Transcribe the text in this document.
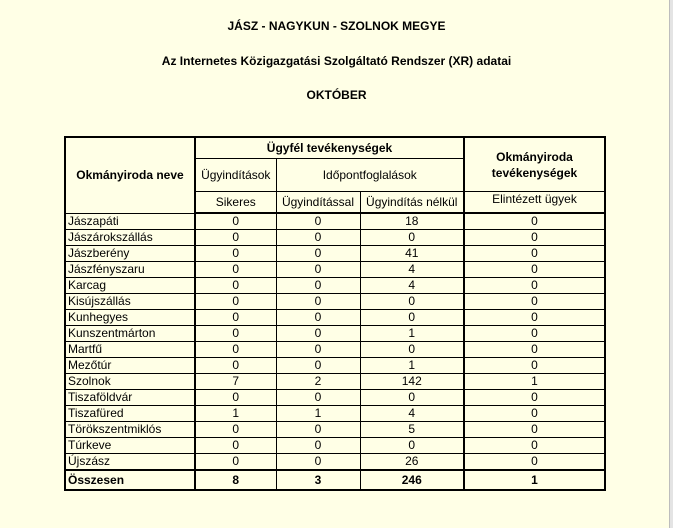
JÁSZ - NAGYKUN - SZOLNOK MEGYE

Az Internetes Közigazgatási Szolgáltató Rendszer (XR) adatai

OKTÓBER

Okmányiroda neve	Ügyfél tevékenységek			Okmányiroda tevékenységek
	Ügyindítások	Időpontfoglalások		
	Sikeres	Ügyindítással	Ügyindítás nélkül	Elintézett ügyek
Jászapáti	0	0	18	0
Jászárokszállás	0	0	0	0
Jászberény	0	0	41	0
Jászfényszaru	0	0	4	0
Karcag	0	0	4	0
Kisújszállás	0	0	0	0
Kunhegyes	0	0	0	0
Kunszentmárton	0	0	1	0
Martfű	0	0	0	0
Mezőtúr	0	0	1	0
Szolnok	7	2	142	1
Tiszaföldvár	0	0	0	0
Tiszafüred	1	1	4	0
Törökszentmiklós	0	0	5	0
Túrkeve	0	0	0	0
Újszász	0	0	26	0
Összesen	8	3	246	1
